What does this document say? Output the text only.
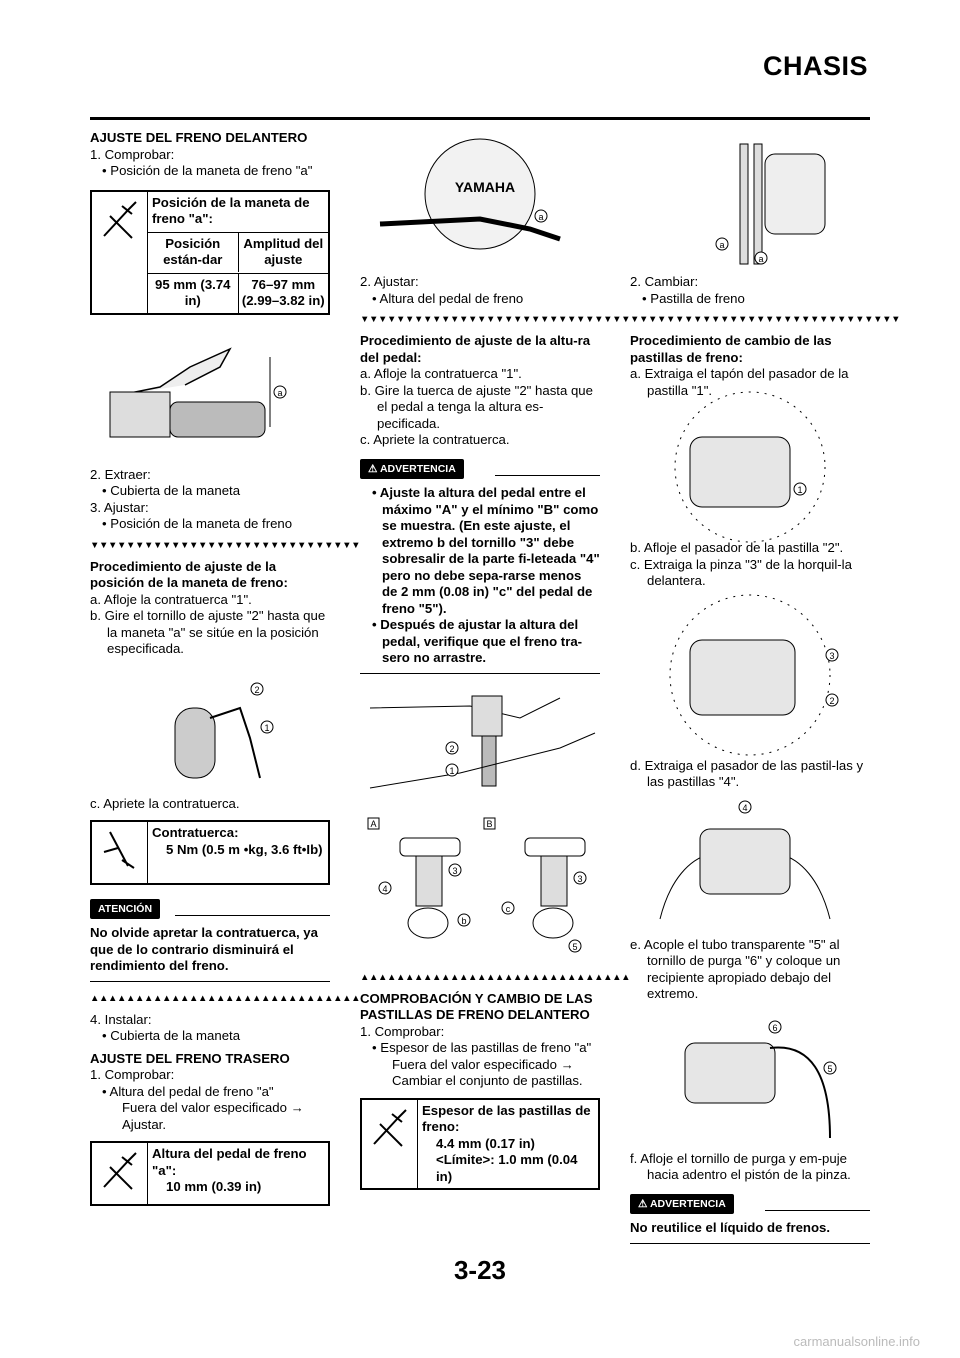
CHASIS
AJUSTE DEL FRENO DELANTERO
1. Comprobar:
• Posición de la maneta de freno "a"
Posición de la maneta de freno "a":
Posición están-dar
Amplitud del ajuste
95 mm (3.74 in)
76–97 mm (2.99–3.82 in)
a
2. Extraer:
• Cubierta de la maneta
3. Ajustar:
• Posición de la maneta de freno
▼▼▼▼▼▼▼▼▼▼▼▼▼▼▼▼▼▼▼▼▼▼▼▼▼▼▼▼▼▼
Procedimiento de ajuste de la posición de la maneta de freno:
a. Afloje la contratuerca "1".
b. Gire el tornillo de ajuste "2" hasta que la maneta "a" se sitúe en la posición especificada.
2
1
c. Apriete la contratuerca.
Contratuerca:
5 Nm (0.5 m •kg, 3.6 ft•Ib)
ATENCIÓN
No olvide apretar la contratuerca, ya que de lo contrario disminuirá el rendimiento del freno.
▲▲▲▲▲▲▲▲▲▲▲▲▲▲▲▲▲▲▲▲▲▲▲▲▲▲▲▲▲▲
4. Instalar:
• Cubierta de la maneta
AJUSTE DEL FRENO TRASERO
1. Comprobar:
• Altura del pedal de freno "a"
Fuera del valor especificado → Ajustar.
Altura del pedal de freno "a":
10 mm (0.39 in)
YAMAHA
a
2. Ajustar:
• Altura del pedal de freno
▼▼▼▼▼▼▼▼▼▼▼▼▼▼▼▼▼▼▼▼▼▼▼▼▼▼▼▼▼▼
Procedimiento de ajuste de la altu-ra del pedal:
a. Afloje la contratuerca "1".
b. Gire la tuerca de ajuste "2" hasta que el pedal a tenga la altura es-pecificada.
c. Apriete la contratuerca.
⚠ ADVERTENCIA
• Ajuste la altura del pedal entre el máximo "A" y el mínimo "B" como se muestra. (En este ajuste, el extremo b del tornillo "3" debe sobresalir de la parte fi-leteada "4" pero no debe sepa-rarse menos de 2 mm (0.08 in) "c" del pedal de freno "5").
• Después de ajustar la altura del pedal, verifique que el freno tra-sero no arrastre.
2
1
A	B
3
4
b
3
c
5
▲▲▲▲▲▲▲▲▲▲▲▲▲▲▲▲▲▲▲▲▲▲▲▲▲▲▲▲▲▲
COMPROBACIÓN Y CAMBIO DE LAS PASTILLAS DE FRENO DELANTERO
1. Comprobar:
• Espesor de las pastillas de freno "a"
Fuera del valor especificado → Cambiar el conjunto de pastillas.
Espesor de las pastillas de freno:
4.4 mm (0.17 in)
<Límite>: 1.0 mm (0.04 in)
a
a
2. Cambiar:
• Pastilla de freno
▼▼▼▼▼▼▼▼▼▼▼▼▼▼▼▼▼▼▼▼▼▼▼▼▼▼▼▼▼▼
Procedimiento de cambio de las pastillas de freno:
a. Extraiga el tapón del pasador de la pastilla "1".
1
b. Afloje el pasador de la pastilla "2".
c. Extraiga la pinza "3" de la horquil-la delantera.
3
2
d. Extraiga el pasador de las pastil-las y las pastillas "4".
4
e. Acople el tubo transparente "5" al tornillo de purga "6" y coloque un recipiente apropiado debajo del extremo.
6
5
f. Afloje el tornillo de purga y em-puje hacia adentro el pistón de la pinza.
⚠ ADVERTENCIA
No reutilice el líquido de frenos.
3-23
carmanualsonline.info
